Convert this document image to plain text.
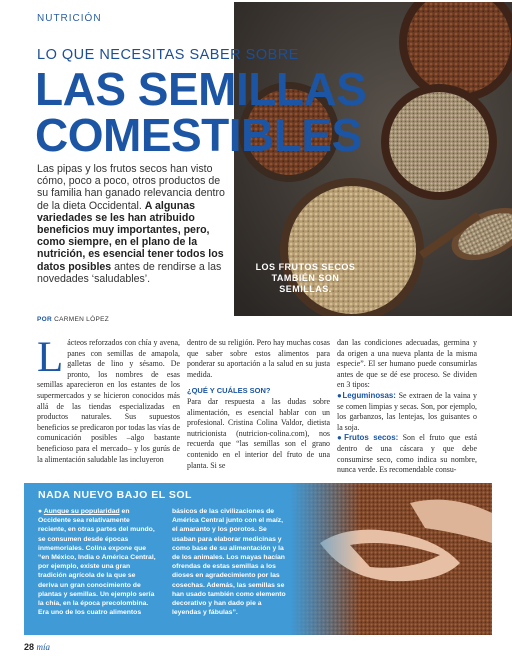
NUTRICIÓN
LO QUE NECESITAS SABER SOBRE
LAS SEMILLAS
COMESTIBLES
Las pipas y los frutos secos han visto cómo, poco a poco, otros productos de su familia han ganado relevancia dentro de la dieta Occidental. A algunas variedades se les han atribuido beneficios muy importantes, pero, como siempre, en el plano de la nutrición, es esencial tener todos los datos posibles antes de rendirse a las novedades ‘saludables’.
LOS FRUTOS SECOS TAMBIÉN SON SEMILLAS.
POR CARMEN LÓPEZ
Lácteos reforzados con chía y avena, panes con semillas de amapola, galletas de lino y sésamo. De pronto, los nombres de esas semillas aparecieron en los estantes de los supermercados y se hicieron conocidos más allá de las tiendas especializadas en productos naturales. Sus supuestos beneficios se predicaron por todas las vías de comunicación posibles –algo bastante beneficioso para el mercado– y los gurús de la alimentación saludable las incluyeron
dentro de su religión. Pero hay muchas cosas que saber sobre estos alimentos para ponderar su aportación a la salud en su justa medida.
¿QUÉ Y CUÁLES SON?
Para dar respuesta a las dudas sobre alimentación, es esencial hablar con un profesional. Cristina Colina Valdor, dietista nutricionista (nutricion-colina.com), nos recuerda que “las semillas son el grano contenido en el interior del fruto de una planta. Si se
dan las condiciones adecuadas, germina y da origen a una nueva planta de la misma especie”. El ser humano puede consumirlas antes de que se dé ese proceso. Se dividen en 3 tipos:
●Leguminosas: Se extraen de la vaina y se comen limpias y secas. Son, por ejemplo, los garbanzos, las lentejas, los guisantes o la soja.
●Frutos secos: Son el fruto que está dentro de una cáscara y que debe consumirse seco, como indica su nombre, nunca verde. Es recomendable consu-
NADA NUEVO BAJO EL SOL
● Aunque su popularidad en Occidente sea relativamente reciente, en otras partes del mundo, se consumen desde épocas inmemoriales. Colina expone que “en México, India o América Central, por ejemplo, existe una gran tradición agrícola de la que se deriva un gran conocimiento de plantas y semillas. Un ejemplo sería la chía, en la época precolombina. Era uno de los cuatro alimentos
básicos de las civilizaciones de América Central junto con el maíz, el amaranto y los porotos. Se usaban para elaborar medicinas y como base de su alimentación y la de los animales. Los mayas hacían ofrendas de estas semillas a los dioses en agradecimiento por las cosechas. Además, las semillas se han usado también como elemento decorativo y han dado pie a leyendas y fábulas”.
28 mía
